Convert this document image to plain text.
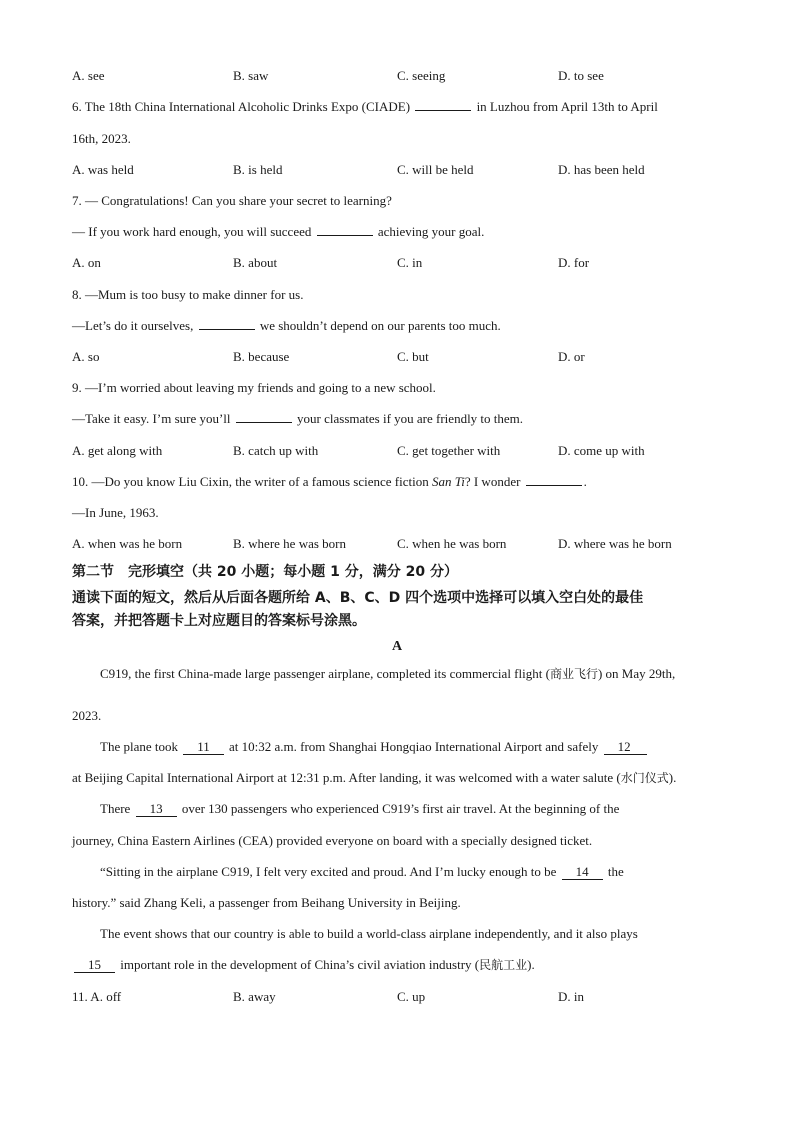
A. see	B. saw	C. seeing	D. to see
6. The 18th China International Alcoholic Drinks Expo (CIADE)	in Luzhou from April 13th to April
16th, 2023.
A. was held	B. is held	C. will be held	D. has been held
7. — Congratulations! Can you share your secret to learning?
— If you work hard enough, you will succeed	achieving your goal.
A. on	B. about	C. in	D. for
8. —Mum is too busy to make dinner for us.
—Let’s do it ourselves,	we shouldn’t depend on our parents too much.
A. so	B. because	C. but	D. or
9. —I’m worried about leaving my friends and going to a new school.
—Take it easy. I’m sure you’ll	your classmates if you are friendly to them.
A. get along with	B. catch up with	C. get together with	D. come up with
10. —Do you know Liu Cixin, the writer of a famous science fiction San Ti? I wonder	.
—In June, 1963.
A. when was he born	B. where he was born	C. when he was born	D. where was he born
第二节　完形填空（共 20 小题；每小题 1 分，满分 20 分）
通读下面的短文，然后从后面各题所给 A、B、C、D 四个选项中选择可以填入空白处的最佳
答案，并把答题卡上对应题目的答案标号涂黑。
A
C919, the first China-made large passenger airplane, completed its commercial flight (商业飞行) on May 29th,
2023.
The plane took 11 at 10:32 a.m. from Shanghai Hongqiao International Airport and safely 12
at Beijing Capital International Airport at 12:31 p.m. After landing, it was welcomed with a water salute (水门仪式).
There 13 over 130 passengers who experienced C919’s first air travel. At the beginning of the
journey, China Eastern Airlines (CEA) provided everyone on board with a specially designed ticket.
“Sitting in the airplane C919, I felt very excited and proud. And I’m lucky enough to be 14 the
history.” said Zhang Keli, a passenger from Beihang University in Beijing.
The event shows that our country is able to build a world-class airplane independently, and it also plays
15 important role in the development of China’s civil aviation industry (民航工业).
11. A. off	B. away	C. up	D. in
